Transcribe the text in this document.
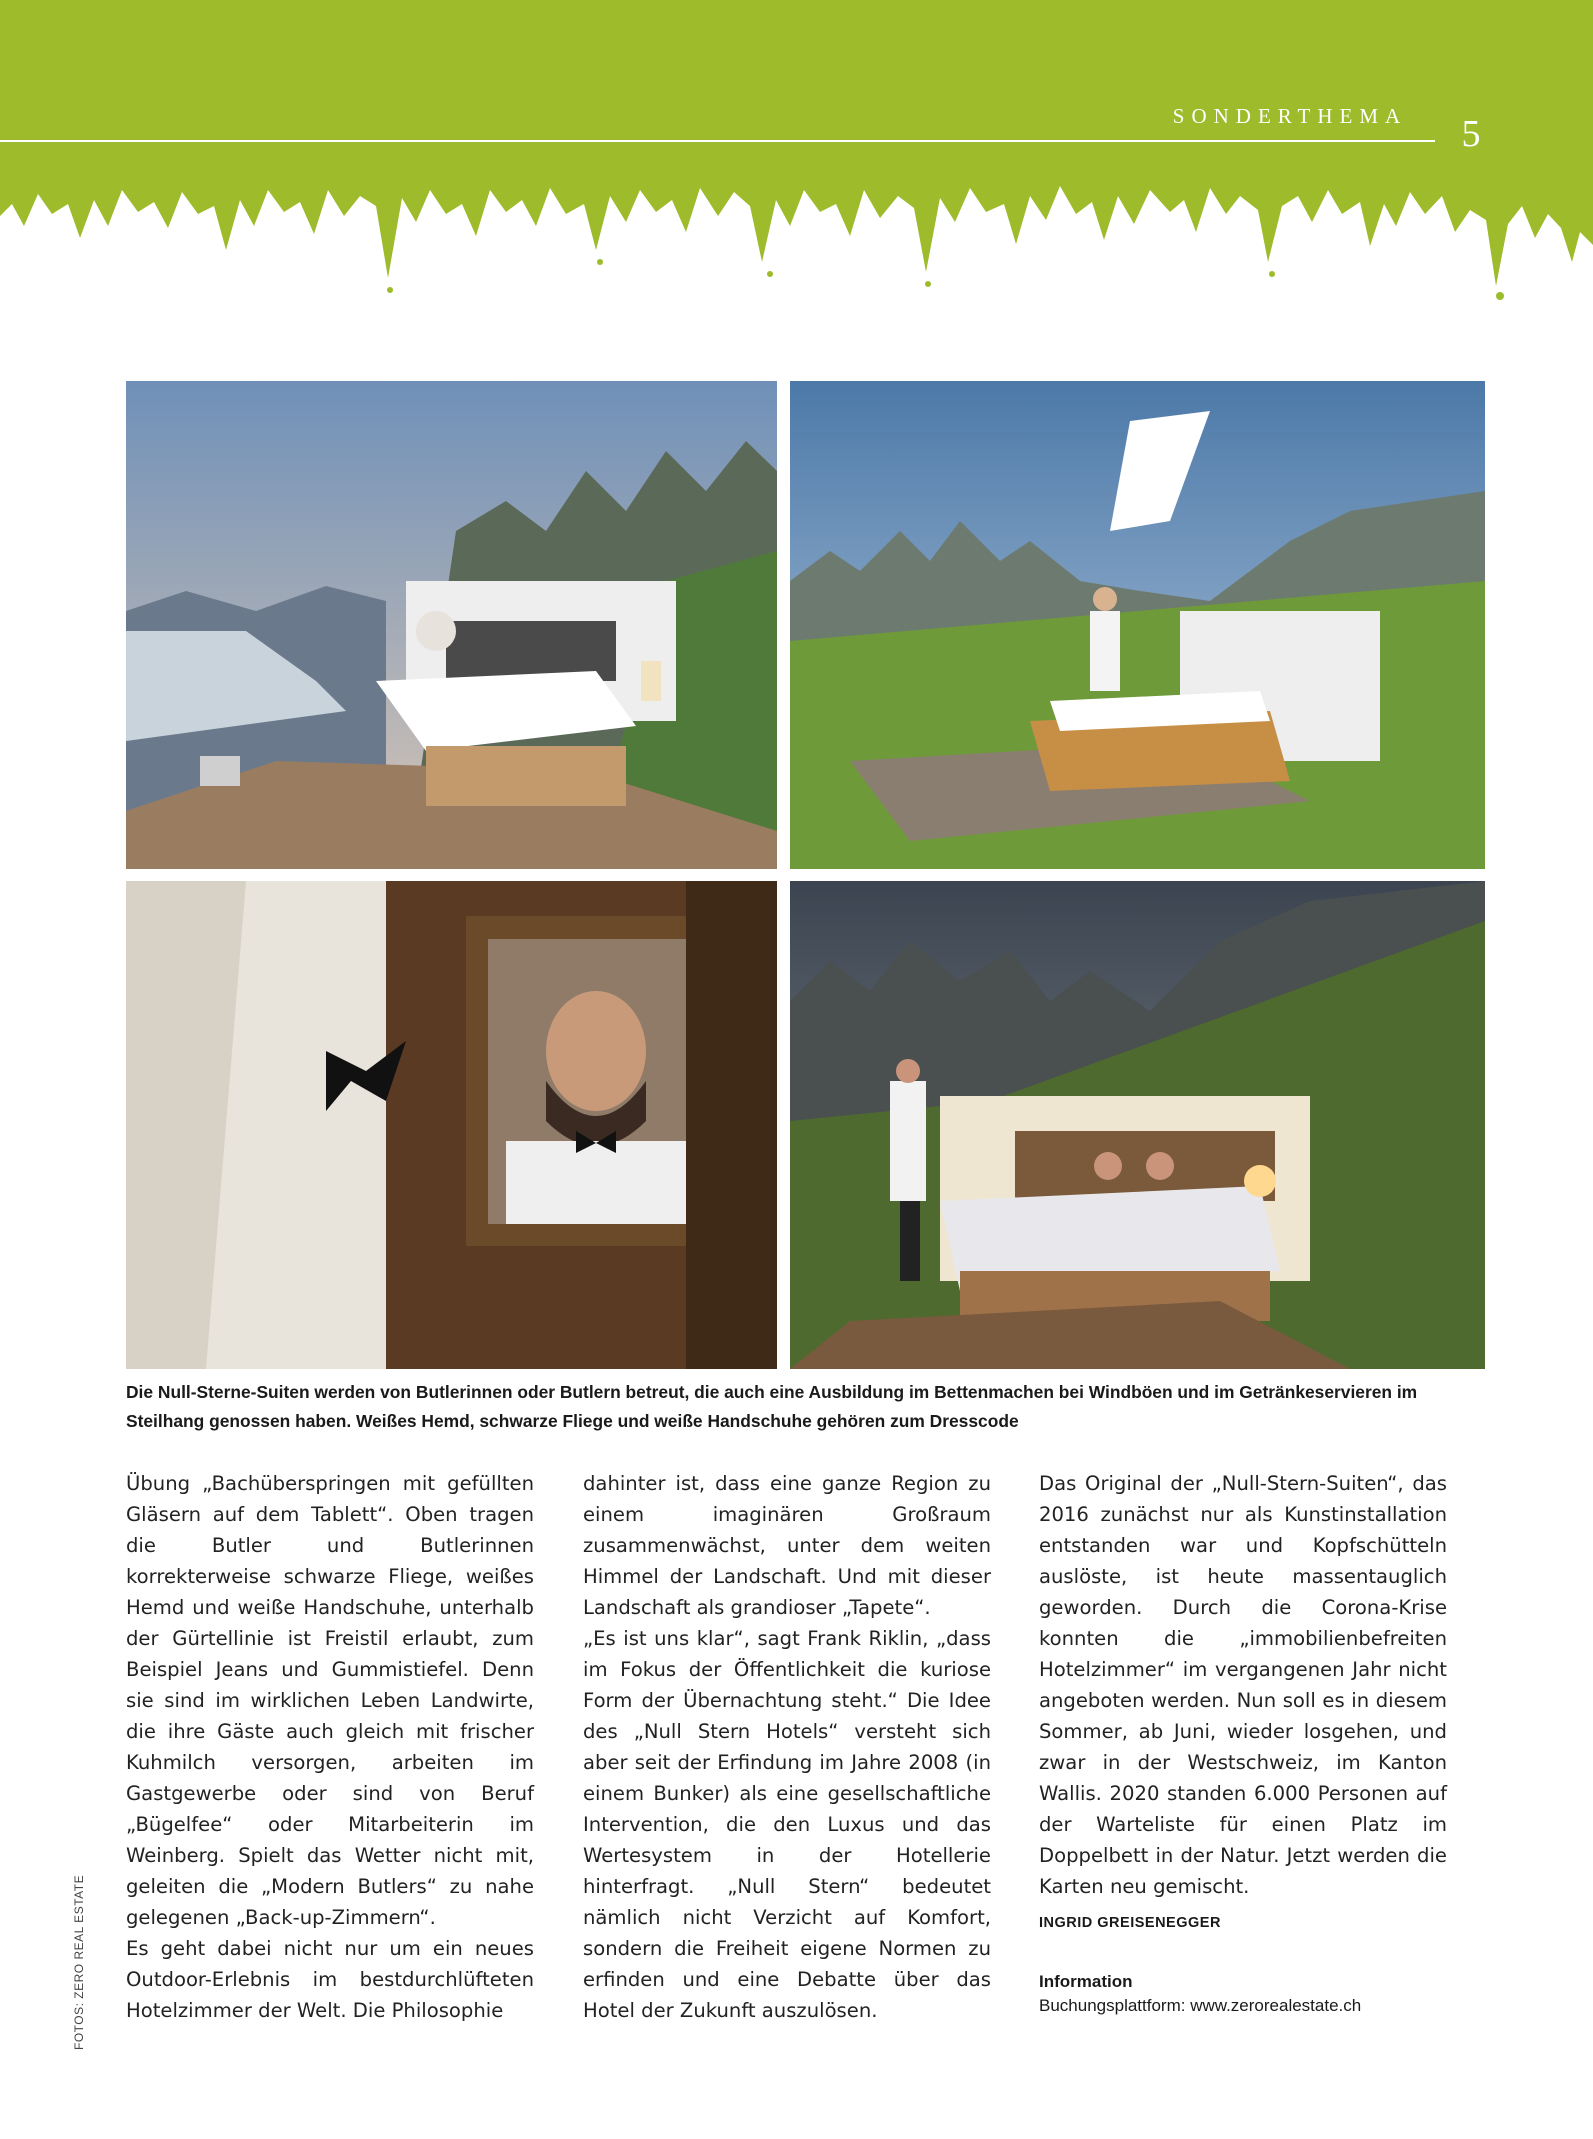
SONDERTHEMA	5

Die Null-Sterne-Suiten werden von Butlerinnen oder Butlern betreut, die auch eine Ausbildung im Bettenmachen bei Windböen und im Getränkeservieren im Steilhang genossen haben. Weißes Hemd, schwarze Fliege und weiße Handschuhe gehören zum Dresscode

Übung „Bachüberspringen mit gefüllten Gläsern auf dem Tablett“. Oben tragen die Butler und Butlerinnen korrekterweise schwarze Fliege, weißes Hemd und weiße Handschuhe, unterhalb der Gürtellinie ist Freistil erlaubt, zum Beispiel Jeans und Gummistiefel. Denn sie sind im wirklichen Leben Landwirte, die ihre Gäste auch gleich mit frischer Kuhmilch versorgen, arbeiten im Gastgewerbe oder sind von Beruf „Bügelfee“ oder Mitarbeiterin im Weinberg. Spielt das Wetter nicht mit, geleiten die „Modern Butlers“ zu nahe gelegenen „Back-up-Zimmern“.

Es geht dabei nicht nur um ein neues Outdoor-Erlebnis im bestdurchlüfteten Hotelzimmer der Welt. Die Philosophie

dahinter ist, dass eine ganze Region zu einem imaginären Großraum zusammenwächst, unter dem weiten Himmel der Landschaft. Und mit dieser Landschaft als grandioser „Tapete“.

„Es ist uns klar“, sagt Frank Riklin, „dass im Fokus der Öffentlichkeit die kuriose Form der Übernachtung steht.“ Die Idee des „Null Stern Hotels“ versteht sich aber seit der Erfindung im Jahre 2008 (in einem Bunker) als eine gesellschaftliche Intervention, die den Luxus und das Wertesystem in der Hotellerie hinterfragt. „Null Stern“ bedeutet nämlich nicht Verzicht auf Komfort, sondern die Freiheit eigene Normen zu erfinden und eine Debatte über das Hotel der Zukunft auszulösen.

Das Original der „Null-Stern-Suiten“, das 2016 zunächst nur als Kunstinstallation entstanden war und Kopfschütteln auslöste, ist heute massentauglich geworden. Durch die Corona-Krise konnten die „immobilienbefreiten Hotelzimmer“ im vergangenen Jahr nicht angeboten werden. Nun soll es in diesem Sommer, ab Juni, wieder losgehen, und zwar in der Westschweiz, im Kanton Wallis. 2020 standen 6.000 Personen auf der Warteliste für einen Platz im Doppelbett in der Natur. Jetzt werden die Karten neu gemischt.

INGRID GREISENEGGER
Information
Buchungsplattform: www.zerorealestate.ch
FOTOS: ZERO REAL ESTATE
